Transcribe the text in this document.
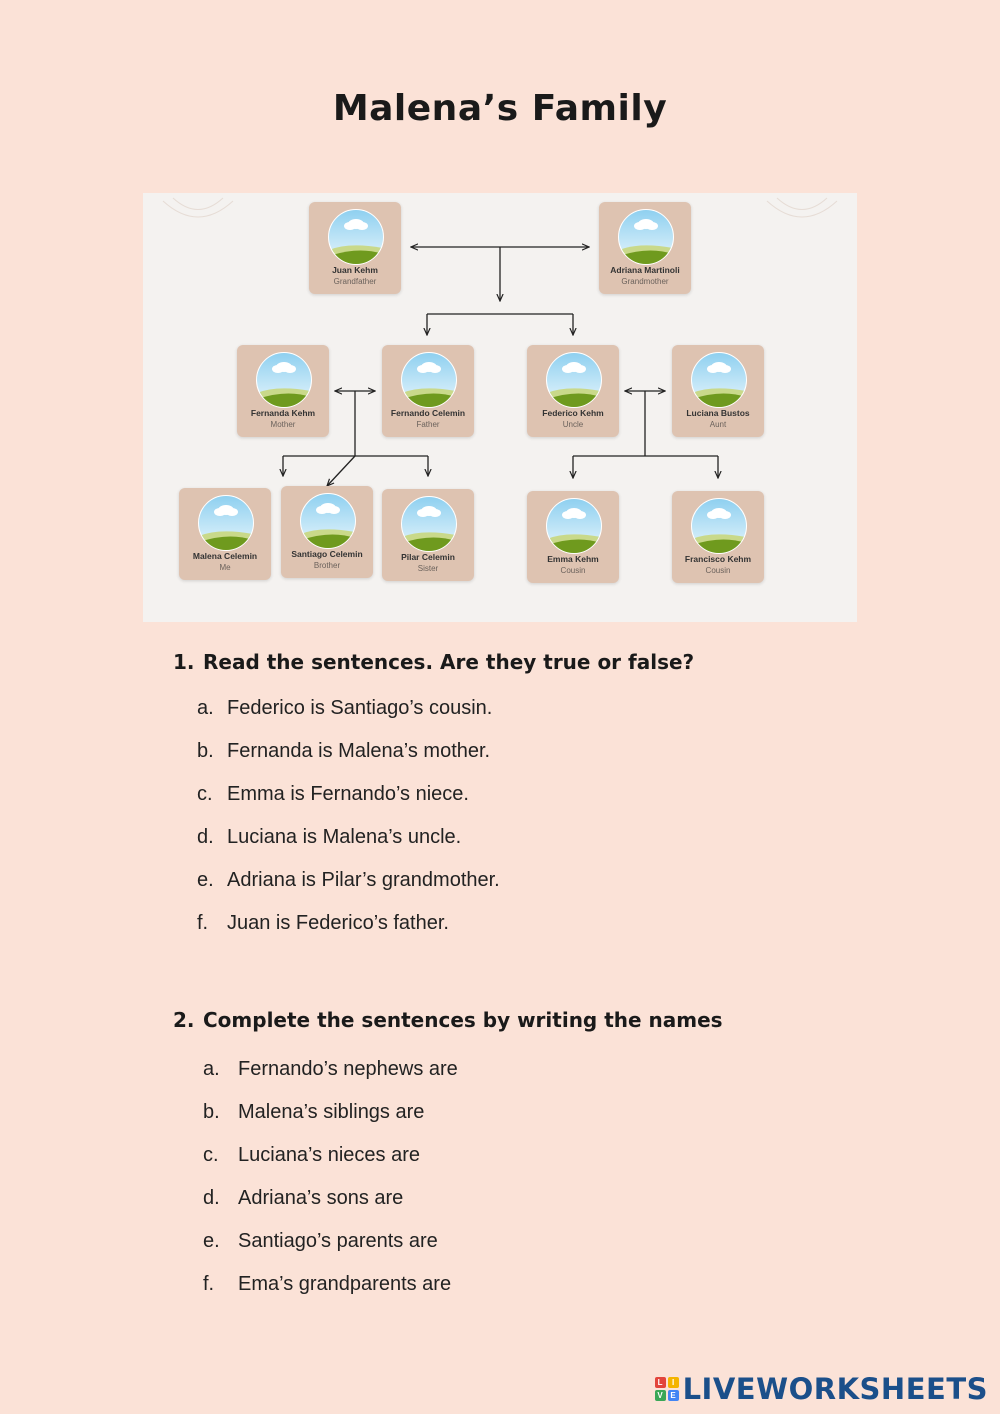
Malena’s Family
Juan Kehm
Grandfather
Adriana Martinoli
Grandmother
Fernanda Kehm
Mother
Fernando Celemin
Father
Federico Kehm
Uncle
Luciana Bustos
Aunt
Malena Celemin
Me
Santiago Celemin
Brother
Pilar Celemin
Sister
Emma Kehm
Cousin
Francisco Kehm
Cousin
1. Read the sentences. Are they true or false?
a. Federico is Santiago’s cousin.
b. Fernanda is Malena’s mother.
c. Emma is Fernando’s niece.
d. Luciana is Malena’s uncle.
e. Adriana is Pilar’s grandmother.
f. Juan is Federico’s father.
2. Complete the sentences by writing the names
a. Fernando’s nephews are
b. Malena’s siblings are
c. Luciana’s nieces are
d. Adriana’s sons are
e. Santiago’s parents are
f. Ema’s grandparents are
L	I
V E LIVEWORKSHEETS
